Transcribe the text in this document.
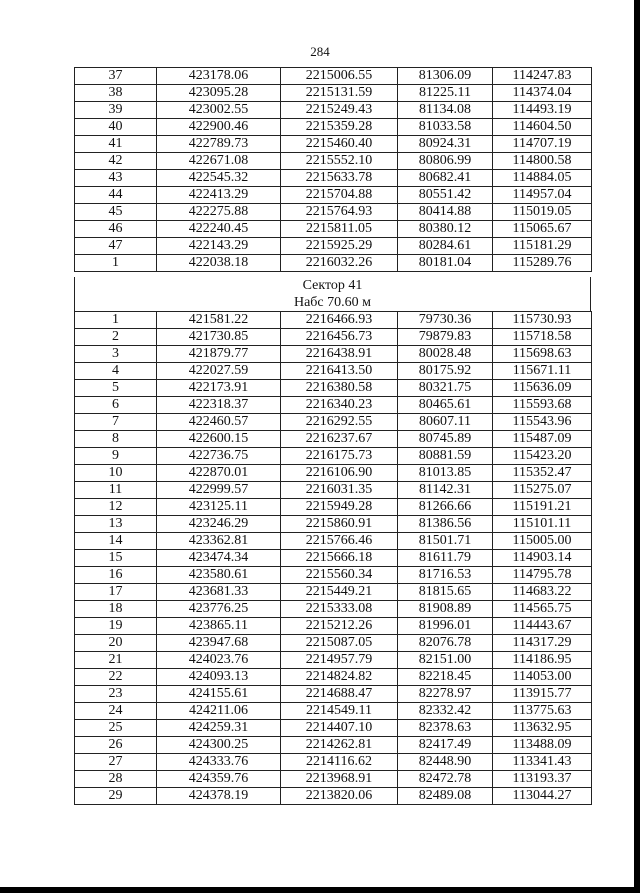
284
37	423178.06	2215006.55	81306.09	114247.83
38	423095.28	2215131.59	81225.11	114374.04
39	423002.55	2215249.43	81134.08	114493.19
40	422900.46	2215359.28	81033.58	114604.50
41	422789.73	2215460.40	80924.31	114707.19
42	422671.08	2215552.10	80806.99	114800.58
43	422545.32	2215633.78	80682.41	114884.05
44	422413.29	2215704.88	80551.42	114957.04
45	422275.88	2215764.93	80414.88	115019.05
46	422240.45	2215811.05	80380.12	115065.67
47	422143.29	2215925.29	80284.61	115181.29
1	422038.18	2216032.26	80181.04	115289.76
Сектор 41
Набс 70.60 м
1	421581.22	2216466.93	79730.36	115730.93
2	421730.85	2216456.73	79879.83	115718.58
3	421879.77	2216438.91	80028.48	115698.63
4	422027.59	2216413.50	80175.92	115671.11
5	422173.91	2216380.58	80321.75	115636.09
6	422318.37	2216340.23	80465.61	115593.68
7	422460.57	2216292.55	80607.11	115543.96
8	422600.15	2216237.67	80745.89	115487.09
9	422736.75	2216175.73	80881.59	115423.20
10	422870.01	2216106.90	81013.85	115352.47
11	422999.57	2216031.35	81142.31	115275.07
12	423125.11	2215949.28	81266.66	115191.21
13	423246.29	2215860.91	81386.56	115101.11
14	423362.81	2215766.46	81501.71	115005.00
15	423474.34	2215666.18	81611.79	114903.14
16	423580.61	2215560.34	81716.53	114795.78
17	423681.33	2215449.21	81815.65	114683.22
18	423776.25	2215333.08	81908.89	114565.75
19	423865.11	2215212.26	81996.01	114443.67
20	423947.68	2215087.05	82076.78	114317.29
21	424023.76	2214957.79	82151.00	114186.95
22	424093.13	2214824.82	82218.45	114053.00
23	424155.61	2214688.47	82278.97	113915.77
24	424211.06	2214549.11	82332.42	113775.63
25	424259.31	2214407.10	82378.63	113632.95
26	424300.25	2214262.81	82417.49	113488.09
27	424333.76	2214116.62	82448.90	113341.43
28	424359.76	2213968.91	82472.78	113193.37
29	424378.19	2213820.06	82489.08	113044.27
